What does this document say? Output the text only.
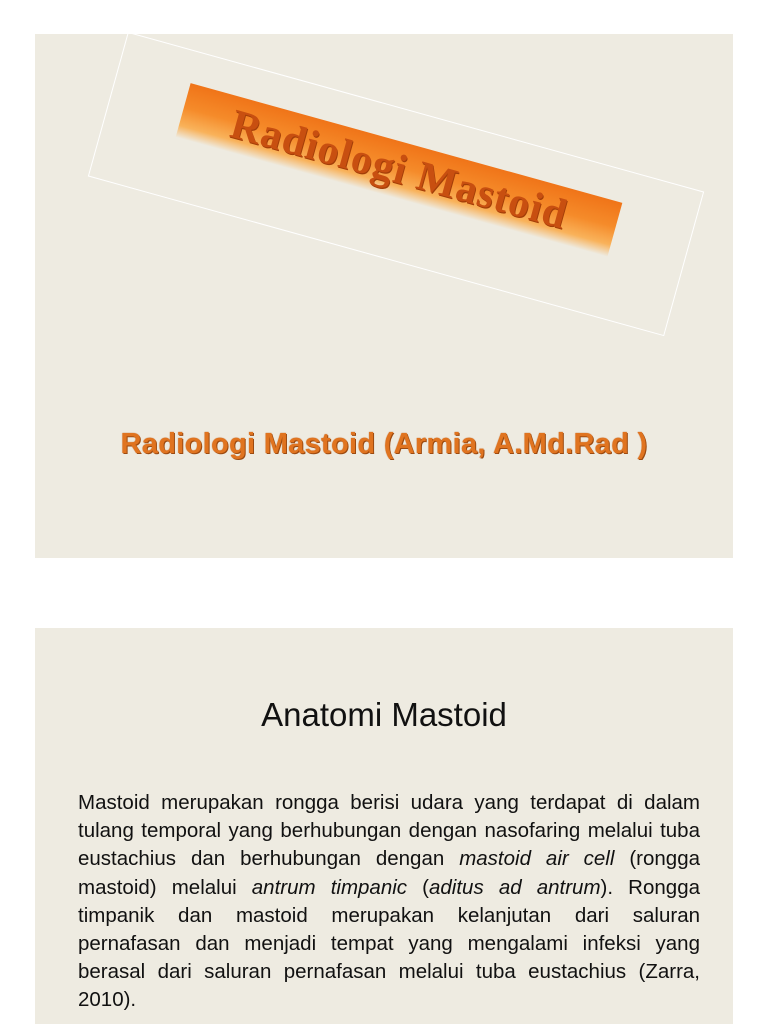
Radiologi Mastoid
Radiologi Mastoid (Armia, A.Md.Rad )
Anatomi Mastoid

Mastoid merupakan rongga berisi udara yang terdapat di dalam tulang temporal yang berhubungan dengan nasofaring melalui tuba eustachius dan berhubungan dengan mastoid air cell (rongga mastoid) melalui antrum timpanic (aditus ad antrum). Rongga timpanik dan mastoid merupakan kelanjutan dari saluran pernafasan dan menjadi tempat yang mengalami infeksi yang berasal dari saluran pernafasan melalui tuba eustachius (Zarra, 2010).
